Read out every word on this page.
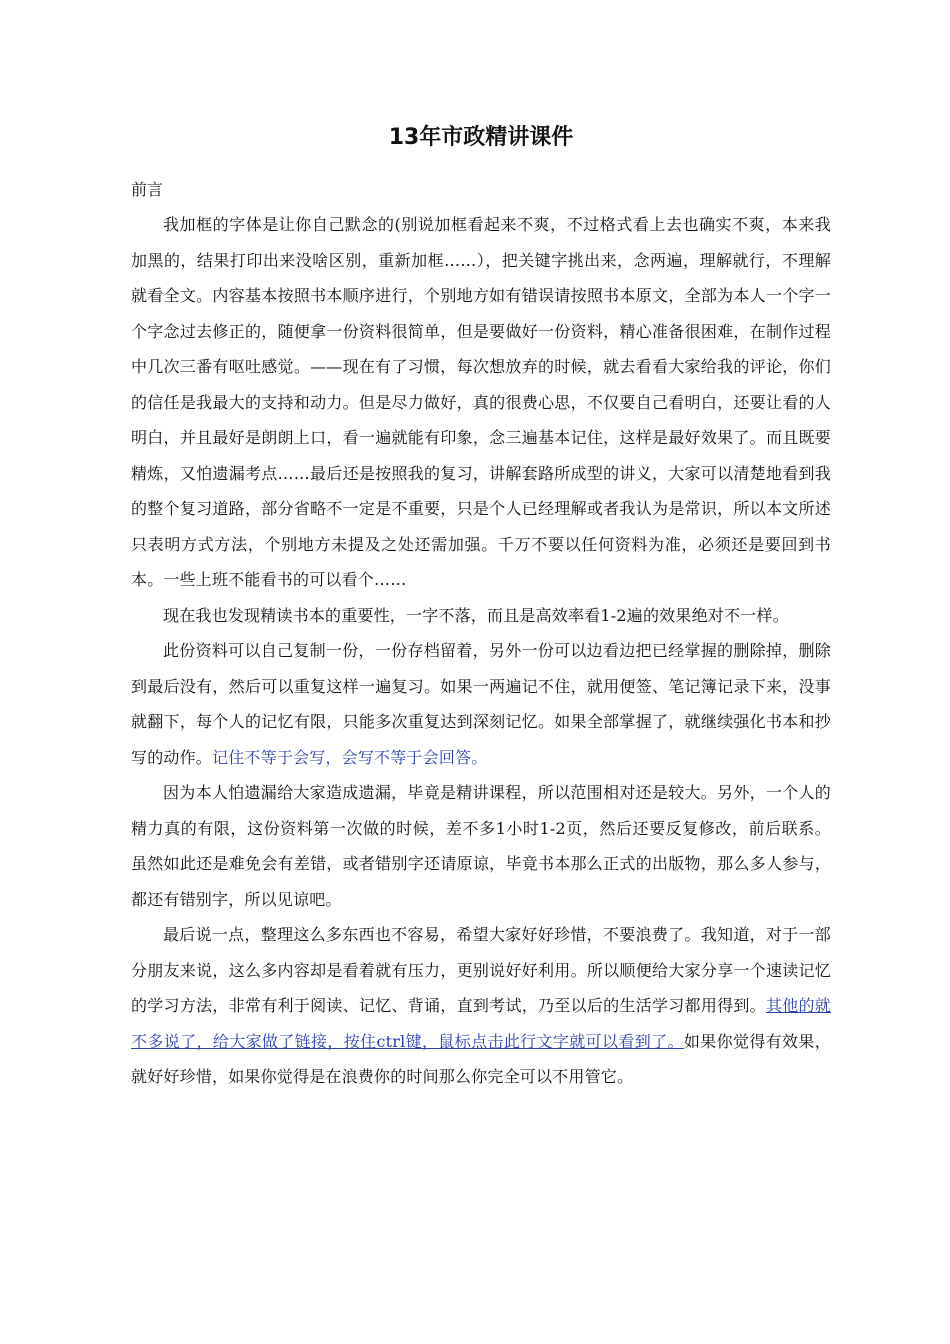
13年市政精讲课件

前言

我加框的字体是让你自己默念的(别说加框看起来不爽，不过格式看上去也确实不爽，本来我加黑的，结果打印出来没啥区别，重新加框……），把关键字挑出来，念两遍，理解就行，不理解就看全文。内容基本按照书本顺序进行，个别地方如有错误请按照书本原文，全部为本人一个字一个字念过去修正的，随便拿一份资料很简单，但是要做好一份资料，精心准备很困难，在制作过程中几次三番有呕吐感觉。——现在有了习惯，每次想放弃的时候，就去看看大家给我的评论，你们的信任是我最大的支持和动力。但是尽力做好，真的很费心思，不仅要自己看明白，还要让看的人明白，并且最好是朗朗上口，看一遍就能有印象，念三遍基本记住，这样是最好效果了。而且既要精炼，又怕遗漏考点……最后还是按照我的复习，讲解套路所成型的讲义，大家可以清楚地看到我的整个复习道路，部分省略不一定是不重要，只是个人已经理解或者我认为是常识，所以本文所述只表明方式方法，个别地方未提及之处还需加强。千万不要以任何资料为准，必须还是要回到书本。一些上班不能看书的可以看个……

现在我也发现精读书本的重要性，一字不落，而且是高效率看1-2遍的效果绝对不一样。

此份资料可以自己复制一份，一份存档留着，另外一份可以边看边把已经掌握的删除掉，删除到最后没有，然后可以重复这样一遍复习。如果一两遍记不住，就用便签、笔记簿记录下来，没事就翻下，每个人的记忆有限，只能多次重复达到深刻记忆。如果全部掌握了，就继续强化书本和抄写的动作。记住不等于会写，会写不等于会回答。

因为本人怕遗漏给大家造成遗漏，毕竟是精讲课程，所以范围相对还是较大。另外，一个人的精力真的有限，这份资料第一次做的时候，差不多1小时1-2页，然后还要反复修改，前后联系。虽然如此还是难免会有差错，或者错别字还请原谅，毕竟书本那么正式的出版物，那么多人参与，都还有错别字，所以见谅吧。

最后说一点，整理这么多东西也不容易，希望大家好好珍惜，不要浪费了。我知道，对于一部分朋友来说，这么多内容却是看着就有压力，更别说好好利用。所以顺便给大家分享一个速读记忆的学习方法，非常有利于阅读、记忆、背诵，直到考试，乃至以后的生活学习都用得到。其他的就不多说了，给大家做了链接，按住ctrl键，鼠标点击此行文字就可以看到了。如果你觉得有效果，就好好珍惜，如果你觉得是在浪费你的时间那么你完全可以不用管它。
